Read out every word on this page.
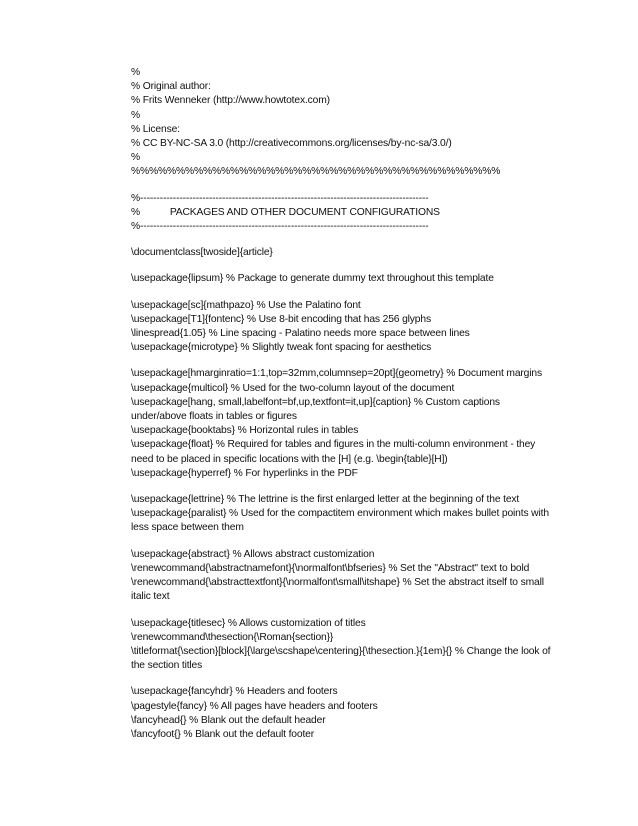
%
% Original author:
% Frits Wenneker (http://www.howtotex.com)
%
% License:
% CC BY-NC-SA 3.0 (http://creativecommons.org/licenses/by-nc-sa/3.0/)
%
%%%%%%%%%%%%%%%%%%%%%%%%%%%%%%%%%%%%%%%%%
%----------------------------------------------------------------------------------------
%           PACKAGES AND OTHER DOCUMENT CONFIGURATIONS
%----------------------------------------------------------------------------------------
\documentclass[twoside]{article}
\usepackage{lipsum} % Package to generate dummy text throughout this template
\usepackage[sc]{mathpazo} % Use the Palatino font
\usepackage[T1]{fontenc} % Use 8-bit encoding that has 256 glyphs
\linespread{1.05} % Line spacing - Palatino needs more space between lines
\usepackage{microtype} % Slightly tweak font spacing for aesthetics
\usepackage[hmarginratio=1:1,top=32mm,columnsep=20pt]{geometry} % Document margins
\usepackage{multicol} % Used for the two-column layout of the document
\usepackage[hang, small,labelfont=bf,up,textfont=it,up]{caption} % Custom captions under/above floats in tables or figures
\usepackage{booktabs} % Horizontal rules in tables
\usepackage{float} % Required for tables and figures in the multi-column environment - they need to be placed in specific locations with the [H] (e.g. \begin{table}[H])
\usepackage{hyperref} % For hyperlinks in the PDF
\usepackage{lettrine} % The lettrine is the first enlarged letter at the beginning of the text
\usepackage{paralist} % Used for the compactitem environment which makes bullet points with less space between them
\usepackage{abstract} % Allows abstract customization
\renewcommand{\abstractnamefont}{\normalfont\bfseries} % Set the "Abstract" text to bold
\renewcommand{\abstracttextfont}{\normalfont\small\itshape} % Set the abstract itself to small italic text
\usepackage{titlesec} % Allows customization of titles
\renewcommand\thesection{\Roman{section}}
\titleformat{\section}[block]{\large\scshape\centering}{\thesection.}{1em}{} % Change the look of the section titles
\usepackage{fancyhdr} % Headers and footers
\pagestyle{fancy} % All pages have headers and footers
\fancyhead{} % Blank out the default header
\fancyfoot{} % Blank out the default footer
